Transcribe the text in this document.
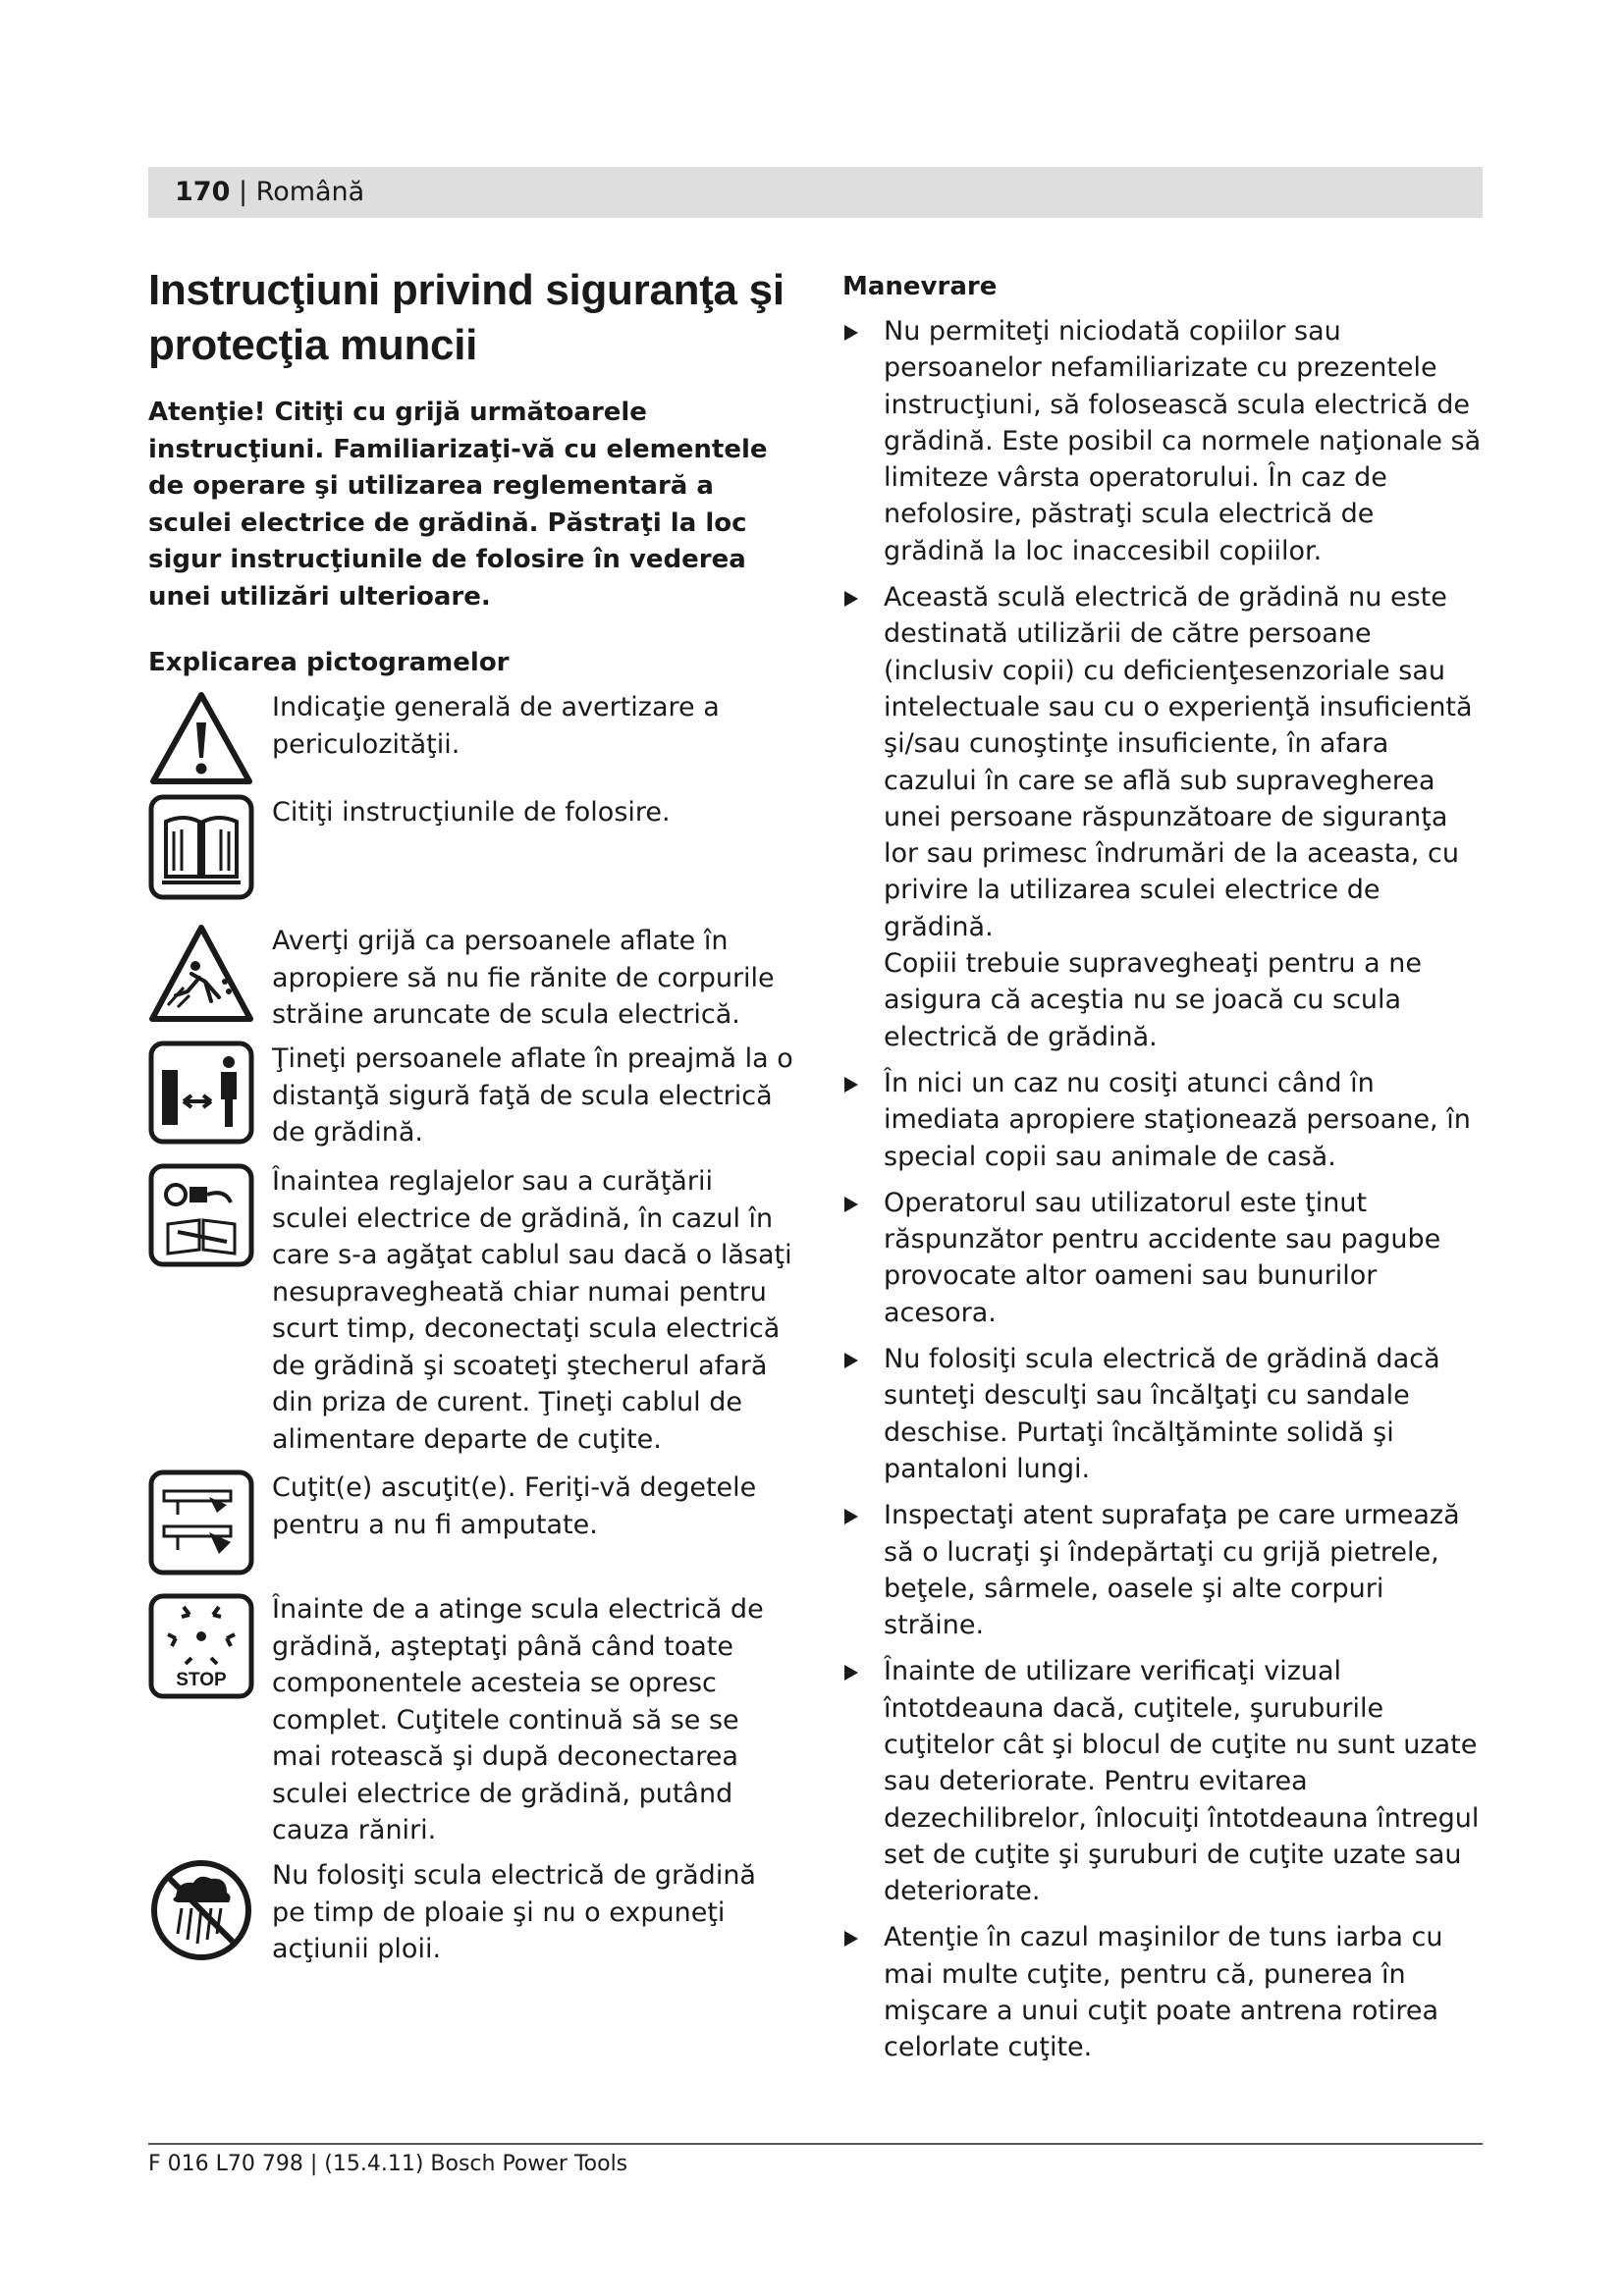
170 | Română
Instrucţiuni privind siguranţa şi protecţia muncii

Atenţie! Citiţi cu grijă următoarele instrucţiuni. Familiarizaţi-vă cu elementele de operare şi utilizarea reglementară a sculei electrice de grădină. Păstraţi la loc sigur instrucţiunile de folosire în vederea unei utilizări ulterioare.

Explicarea pictogramelor
Indicaţie generală de avertizare a periculozităţii.
Citiţi instrucţiunile de folosire.
Averţi grijă ca persoanele aflate în apropiere să nu fie rănite de corpurile străine aruncate de scula electrică.
Ţineţi persoanele aflate în preajmă la o distanţă sigură faţă de scula electrică de grădină.
Înaintea reglajelor sau a curăţării sculei electrice de grădină, în cazul în care s-a agăţat cablul sau dacă o lăsaţi nesupravegheată chiar numai pentru scurt timp, deconectaţi scula electrică de grădină şi scoateţi ştecherul afară din priza de curent. Ţineţi cablul de alimentare departe de cuţite.
Cuţit(e) ascuţit(e). Feriţi-vă degetele pentru a nu fi amputate.
STOP
Înainte de a atinge scula electrică de grădină, aşteptaţi până când toate componentele acesteia se opresc complet. Cuţitele continuă să se se mai rotească şi după deconectarea sculei electrice de grădină, putând cauza răniri.
Nu folosiţi scula electrică de grădină pe timp de ploaie şi nu o expuneţi acţiunii ploii.
Manevrare
Nu permiteţi niciodată copiilor sau persoanelor nefamiliarizate cu prezentele instrucţiuni, să folosească scula electrică de grădină. Este posibil ca normele naţionale să limiteze vârsta operatorului. În caz de nefolosire, păstraţi scula electrică de grădină la loc inaccesibil copiilor.
Această sculă electrică de grădină nu este destinată utilizării de către persoane (inclusiv copii) cu deficienţesenzoriale sau intelectuale sau cu o experienţă insuficientă şi/sau cunoştinţe insuficiente, în afara cazului în care se află sub supravegherea unei persoane răspunzătoare de siguranţa lor sau primesc îndrumări de la aceasta, cu privire la utilizarea sculei electrice de grădină.
Copiii trebuie supravegheaţi pentru a ne asigura că aceştia nu se joacă cu scula electrică de grădină.
În nici un caz nu cosiţi atunci când în imediata apropiere staţionează persoane, în special copii sau animale de casă.
Operatorul sau utilizatorul este ţinut răspunzător pentru accidente sau pagube provocate altor oameni sau bunurilor acesora.
Nu folosiţi scula electrică de grădină dacă sunteţi desculţi sau încălţaţi cu sandale deschise. Purtaţi încălţăminte solidă şi pantaloni lungi.
Inspectaţi atent suprafaţa pe care urmează să o lucraţi şi îndepărtaţi cu grijă pietrele, beţele, sârmele, oasele şi alte corpuri străine.
Înainte de utilizare verificaţi vizual întotdeauna dacă, cuţitele, şuruburile cuţitelor cât şi blocul de cuţite nu sunt uzate sau deteriorate. Pentru evitarea dezechilibrelor, înlocuiţi întotdeauna întregul set de cuţite şi şuruburi de cuţite uzate sau deteriorate.
Atenţie în cazul maşinilor de tuns iarba cu mai multe cuţite, pentru că, punerea în mişcare a unui cuţit poate antrena rotirea celorlate cuţite.
F 016 L70 798 | (15.4.11) Bosch Power Tools
